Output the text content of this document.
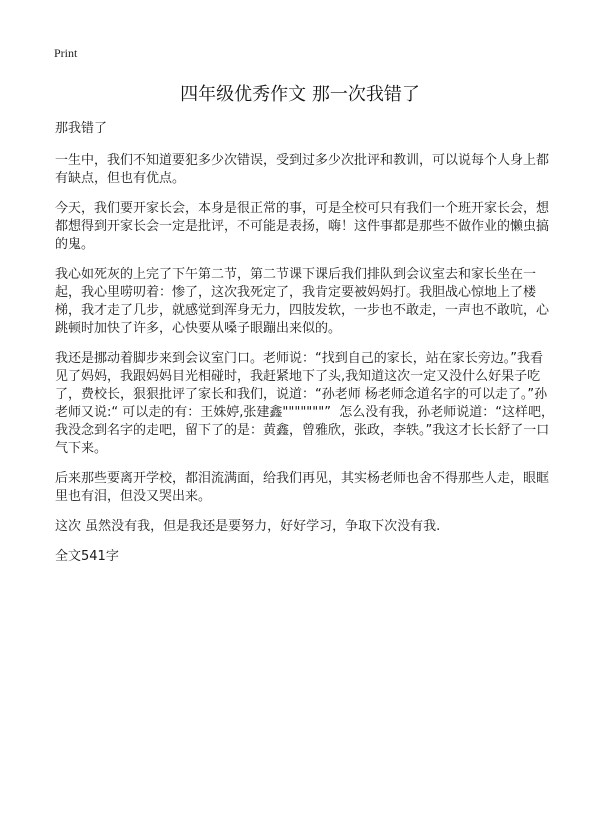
Print
四年级优秀作文 那一次我错了

那我错了

一生中，我们不知道要犯多少次错误，受到过多少次批评和教训，可以说每个人身上都有缺点，但也有优点。

今天，我们要开家长会，本身是很正常的事，可是全校可只有我们一个班开家长会，想都想得到开家长会一定是批评，不可能是表扬，嗨！这件事都是那些不做作业的懒虫搞的鬼。

我心如死灰的上完了下午第二节，第二节课下课后我们排队到会议室去和家长坐在一起，我心里唠叨着：惨了，这次我死定了，我肯定要被妈妈打。我胆战心惊地上了楼梯，我才走了几步，就感觉到浑身无力，四肢发软，一步也不敢走，一声也不敢吭，心跳顿时加快了许多，心快要从嗓子眼蹦出来似的。

我还是挪动着脚步来到会议室门口。老师说：“找到自己的家长，站在家长旁边。”我看见了妈妈，我跟妈妈目光相碰时，我赶紧地下了头,我知道这次一定又没什么好果子吃了，费校长，狠狠批评了家长和我们，说道：“孙老师 杨老师念道名字的可以走了。”孙老师又说:“ 可以走的有：王姝婷,张建鑫"""""""”  怎么没有我，孙老师说道：“这样吧，我没念到名字的走吧，留下了的是：黄鑫，曾雅欣，张政，李轶。”我这才长长舒了一口气下来。

后来那些要离开学校，都泪流满面，给我们再见，其实杨老师也舍不得那些人走，眼眶里也有泪，但没又哭出来。

这次 虽然没有我，但是我还是要努力，好好学习，争取下次没有我.

全文541字
